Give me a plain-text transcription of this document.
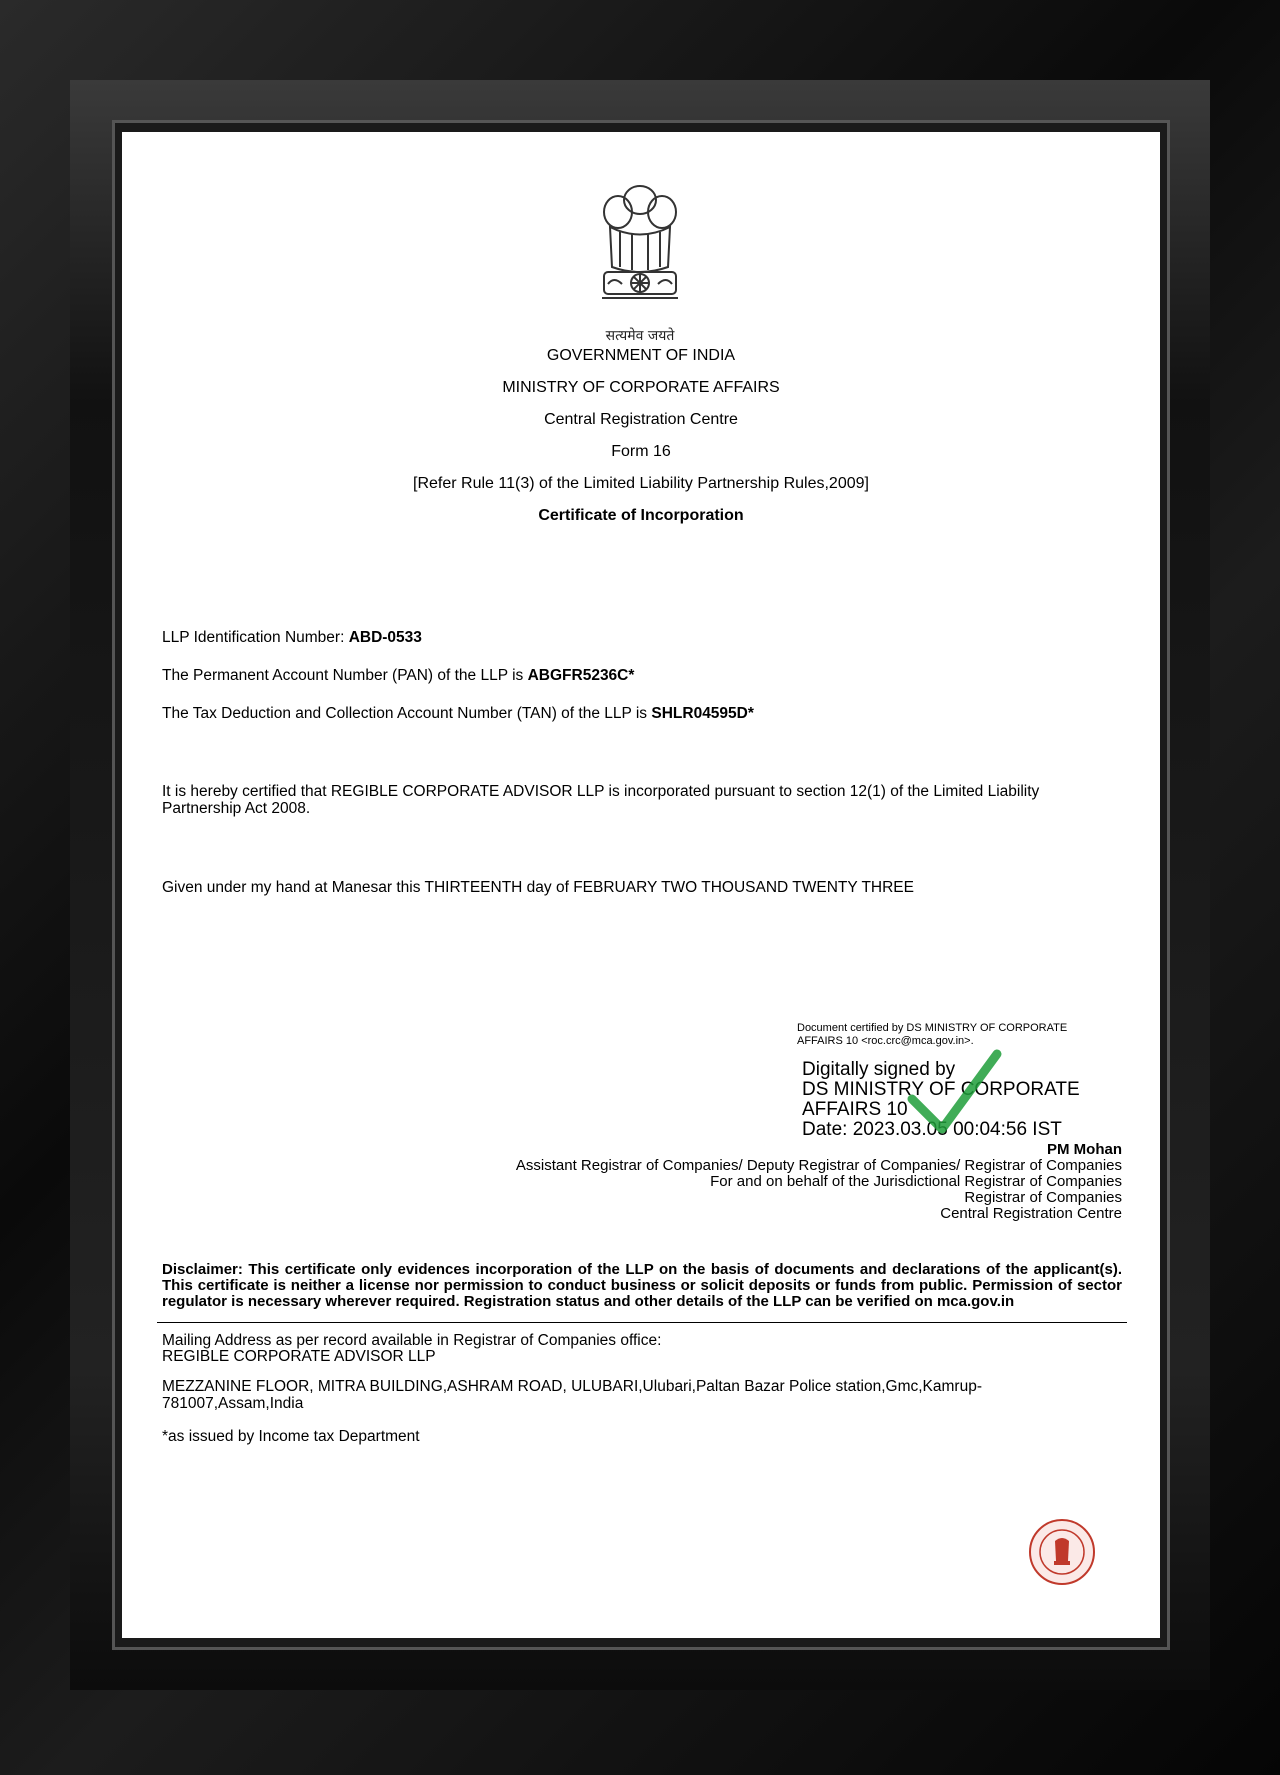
सत्यमेव जयते
GOVERNMENT OF INDIA
MINISTRY OF CORPORATE AFFAIRS
Central Registration Centre
Form 16
[Refer Rule 11(3) of the Limited Liability Partnership Rules,2009]
Certificate of Incorporation
LLP Identification Number: ABD-0533
The Permanent Account Number (PAN) of the LLP is ABGFR5236C*
The Tax Deduction and Collection Account Number (TAN) of the LLP is SHLR04595D*
It is hereby certified that REGIBLE CORPORATE ADVISOR LLP is incorporated pursuant to section 12(1) of the Limited Liability Partnership Act 2008.
Given under my hand at Manesar this THIRTEENTH day of FEBRUARY TWO THOUSAND TWENTY THREE
Document certified by DS MINISTRY OF CORPORATE AFFAIRS 10 <roc.crc@mca.gov.in>.
Digitally signed by
DS MINISTRY OF CORPORATE
AFFAIRS 10
Date: 2023.03.05 00:04:56 IST
PM Mohan
Assistant Registrar of Companies/ Deputy Registrar of Companies/ Registrar of Companies
For and on behalf of the Jurisdictional Registrar of Companies
Registrar of Companies
Central Registration Centre
Disclaimer: This certificate only evidences incorporation of the LLP on the basis of documents and declarations of the applicant(s). This certificate is neither a license nor permission to conduct business or solicit deposits or funds from public. Permission of sector regulator is necessary wherever required. Registration status and other details of the LLP can be verified on mca.gov.in
Mailing Address as per record available in Registrar of Companies office:
REGIBLE CORPORATE ADVISOR LLP
MEZZANINE FLOOR, MITRA BUILDING,ASHRAM ROAD, ULUBARI,Ulubari,Paltan Bazar Police station,Gmc,Kamrup-781007,Assam,India
*as issued by Income tax Department
